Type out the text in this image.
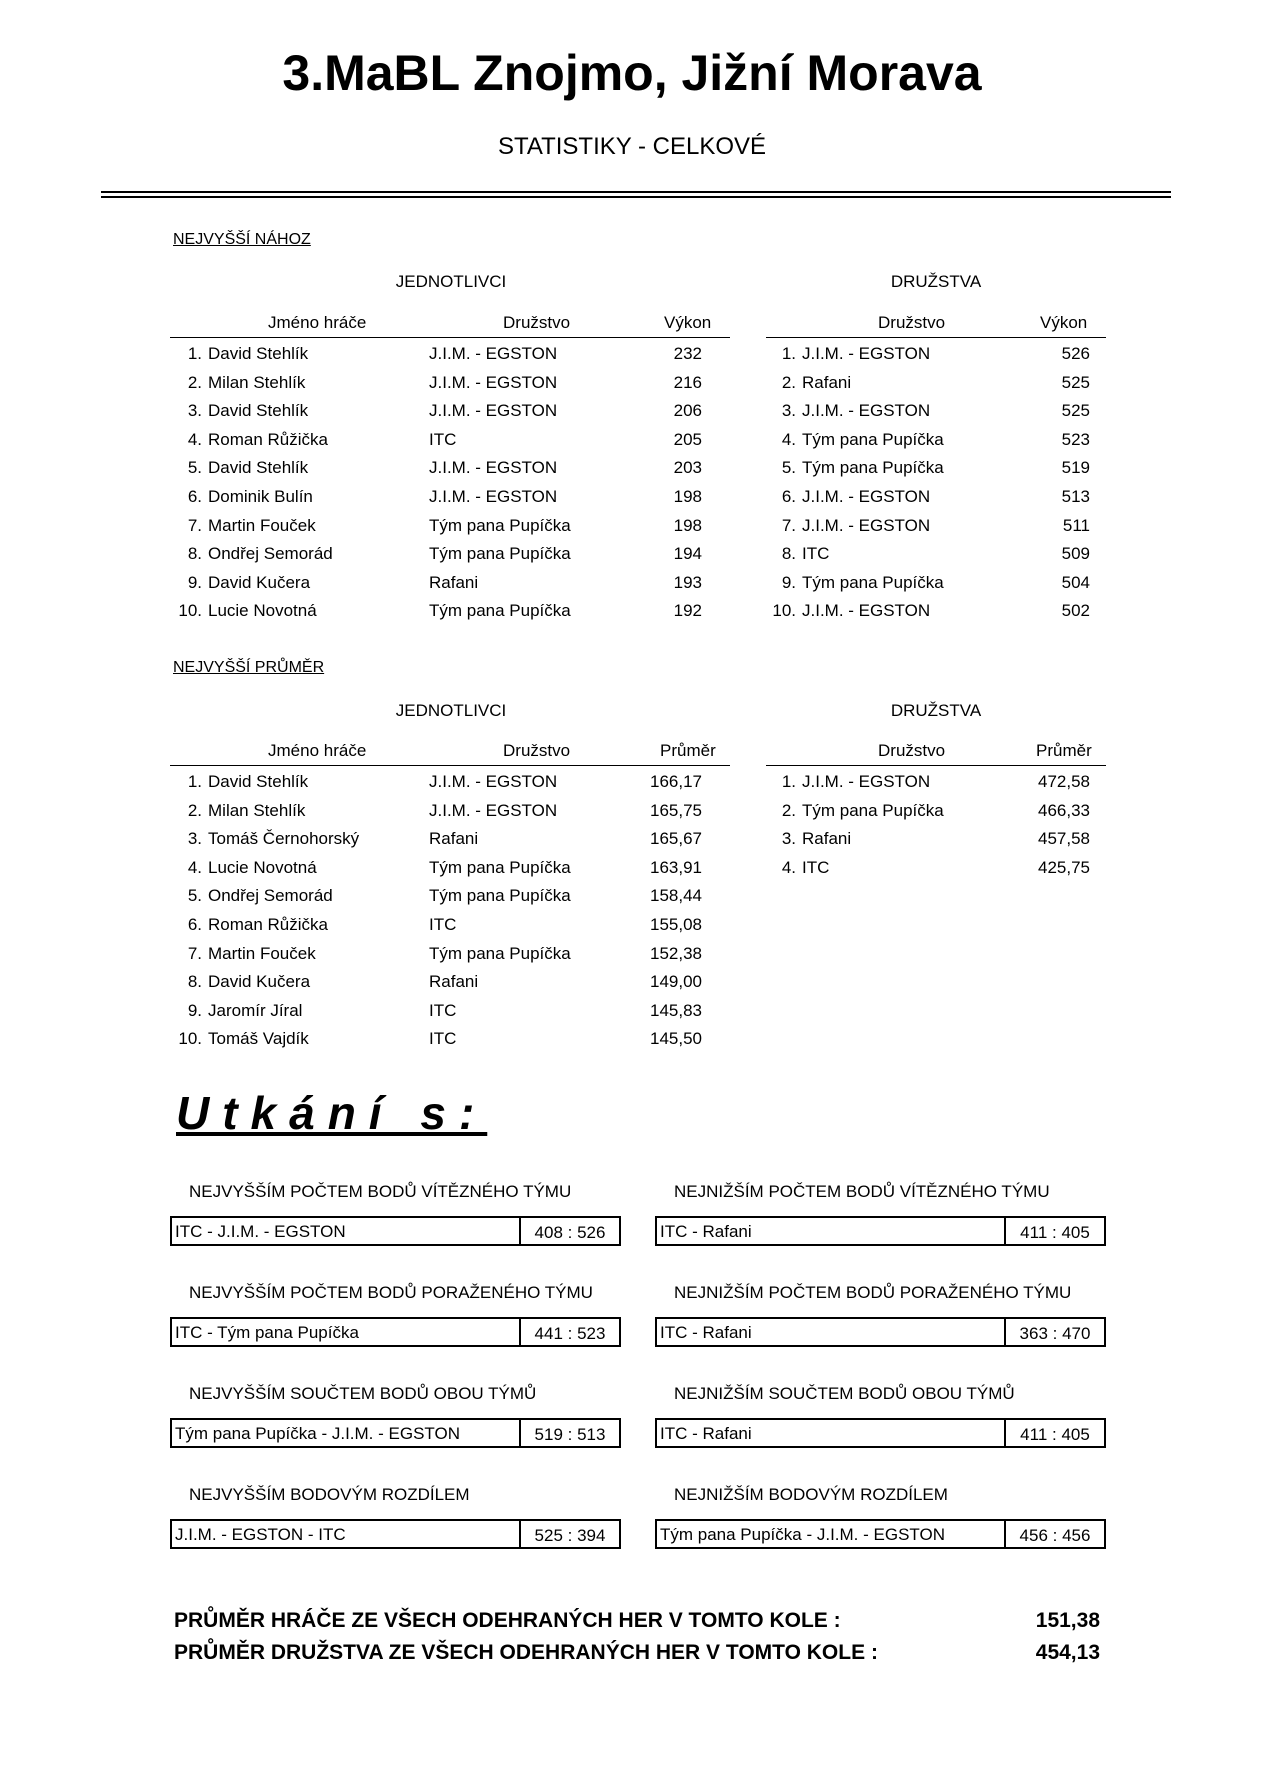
3.MaBL Znojmo, Jižní Morava
STATISTIKY - CELKOVÉ
NEJVYŠŠÍ NÁHOZ
JEDNOTLIVCI	DRUŽSTVA
Jméno hráče	Družstvo	Výkon
1. David Stehlík	J.I.M. - EGSTON	232
2. Milan Stehlík	J.I.M. - EGSTON	216
3. David Stehlík	J.I.M. - EGSTON	206
4. Roman Růžička	ITC	205
5. David Stehlík	J.I.M. - EGSTON	203
6. Dominik Bulín	J.I.M. - EGSTON	198
7. Martin Fouček	Tým pana Pupíčka	198
8. Ondřej Semorád	Tým pana Pupíčka	194
9. David Kučera	Rafani	193
10. Lucie Novotná	Tým pana Pupíčka	192
Družstvo	Výkon
1. J.I.M. - EGSTON	526
2. Rafani	525
3. J.I.M. - EGSTON	525
4. Tým pana Pupíčka	523
5. Tým pana Pupíčka	519
6. J.I.M. - EGSTON	513
7. J.I.M. - EGSTON	511
8. ITC	509
9. Tým pana Pupíčka	504
10. J.I.M. - EGSTON	502
NEJVYŠŠÍ PRŮMĚR
JEDNOTLIVCI	DRUŽSTVA
Jméno hráče	Družstvo	Průměr
1. David Stehlík	J.I.M. - EGSTON	166,17
2. Milan Stehlík	J.I.M. - EGSTON	165,75
3. Tomáš Černohorský	Rafani	165,67
4. Lucie Novotná	Tým pana Pupíčka	163,91
5. Ondřej Semorád	Tým pana Pupíčka	158,44
6. Roman Růžička	ITC	155,08
7. Martin Fouček	Tým pana Pupíčka	152,38
8. David Kučera	Rafani	149,00
9. Jaromír Jíral	ITC	145,83
10. Tomáš Vajdík	ITC	145,50
Družstvo	Průměr
1. J.I.M. - EGSTON	472,58
2. Tým pana Pupíčka	466,33
3. Rafani	457,58
4. ITC	425,75
Utkání s:
NEJVYŠŠÍM POČTEM BODŮ VÍTĚZNÉHO TÝMU
ITC - J.I.M. - EGSTON	408 : 526
NEJNIŽŠÍM POČTEM BODŮ VÍTĚZNÉHO TÝMU
ITC - Rafani	411 : 405
NEJVYŠŠÍM POČTEM BODŮ PORAŽENÉHO TÝMU
ITC - Tým pana Pupíčka	441 : 523
NEJNIŽŠÍM POČTEM BODŮ PORAŽENÉHO TÝMU
ITC - Rafani	363 : 470
NEJVYŠŠÍM SOUČTEM BODŮ OBOU TÝMŮ
Tým pana Pupíčka - J.I.M. - EGSTON	519 : 513
NEJNIŽŠÍM SOUČTEM BODŮ OBOU TÝMŮ
ITC - Rafani	411 : 405
NEJVYŠŠÍM BODOVÝM ROZDÍLEM
J.I.M. - EGSTON - ITC	525 : 394
NEJNIŽŠÍM BODOVÝM ROZDÍLEM
Tým pana Pupíčka - J.I.M. - EGSTON	456 : 456
PRŮMĚR HRÁČE ZE VŠECH ODEHRANÝCH HER V TOMTO KOLE :	151,38
PRŮMĚR DRUŽSTVA ZE VŠECH ODEHRANÝCH HER V TOMTO KOLE :	454,13
